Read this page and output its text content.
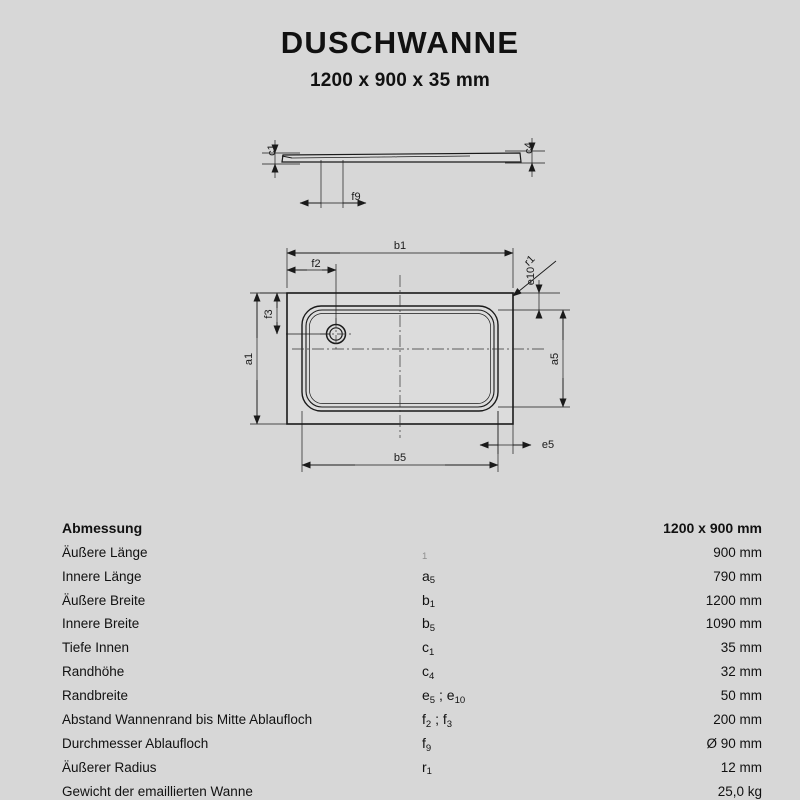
DUSCHWANNE
1200 x 900 x 35 mm
c1	c4
f9
b1
b5
a1	a5
f2
f3
e5
e10
r1
Abmessung		1200 x 900 mm
Äußere Länge	$_1$	900 mm
Innere Länge	$a_5$	790 mm
Äußere Breite	$b_1$	1200 mm
Innere Breite	$b_5$	1090 mm
Tiefe Innen	$c_1$	35 mm
Randhöhe	$c_4$	32 mm
Randbreite	$e_5$ ; $e_{10}$	50 mm
Abstand Wannenrand bis Mitte Ablaufloch	$f_2$ ; $f_3$	200 mm
Durchmesser Ablaufloch	$f_9$	Ø 90 mm
Äußerer Radius	$r_1$	12 mm
Gewicht der emaillierten Wanne		25,0 kg
